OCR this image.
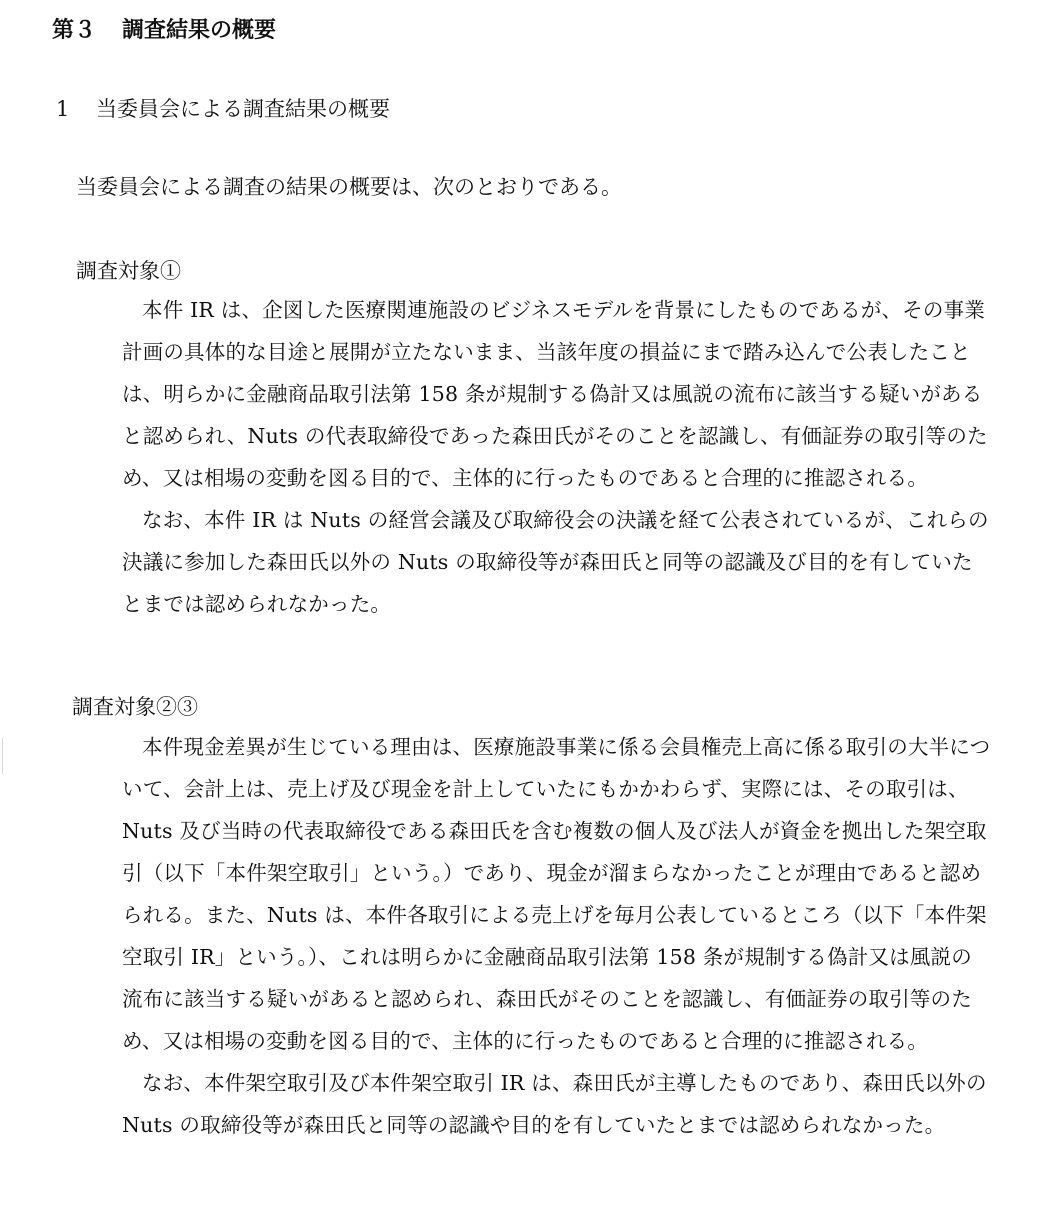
第３ 調査結果の概要
1 当委員会による調査結果の概要
当委員会による調査の結果の概要は、次のとおりである。
調査対象①

本件 IR は、企図した医療関連施設のビジネスモデルを背景にしたものであるが、その事業計画の具体的な目途と展開が立たないまま、当該年度の損益にまで踏み込んで公表したことは、明らかに金融商品取引法第 158 条が規制する偽計又は風説の流布に該当する疑いがあると認められ、Nuts の代表取締役であった森田氏がそのことを認識し、有価証券の取引等のため、又は相場の変動を図る目的で、主体的に行ったものであると合理的に推認される。

なお、本件 IR は Nuts の経営会議及び取締役会の決議を経て公表されているが、これらの決議に参加した森田氏以外の Nuts の取締役等が森田氏と同等の認識及び目的を有していたとまでは認められなかった。

調査対象②③

本件現金差異が生じている理由は、医療施設事業に係る会員権売上高に係る取引の大半について、会計上は、売上げ及び現金を計上していたにもかかわらず、実際には、その取引は、Nuts 及び当時の代表取締役である森田氏を含む複数の個人及び法人が資金を拠出した架空取引（以下「本件架空取引」という。）であり、現金が溜まらなかったことが理由であると認められる。また、Nuts は、本件各取引による売上げを毎月公表しているところ（以下「本件架空取引 IR」という。）、これは明らかに金融商品取引法第 158 条が規制する偽計又は風説の流布に該当する疑いがあると認められ、森田氏がそのことを認識し、有価証券の取引等のため、又は相場の変動を図る目的で、主体的に行ったものであると合理的に推認される。

なお、本件架空取引及び本件架空取引 IR は、森田氏が主導したものであり、森田氏以外の Nuts の取締役等が森田氏と同等の認識や目的を有していたとまでは認められなかった。
